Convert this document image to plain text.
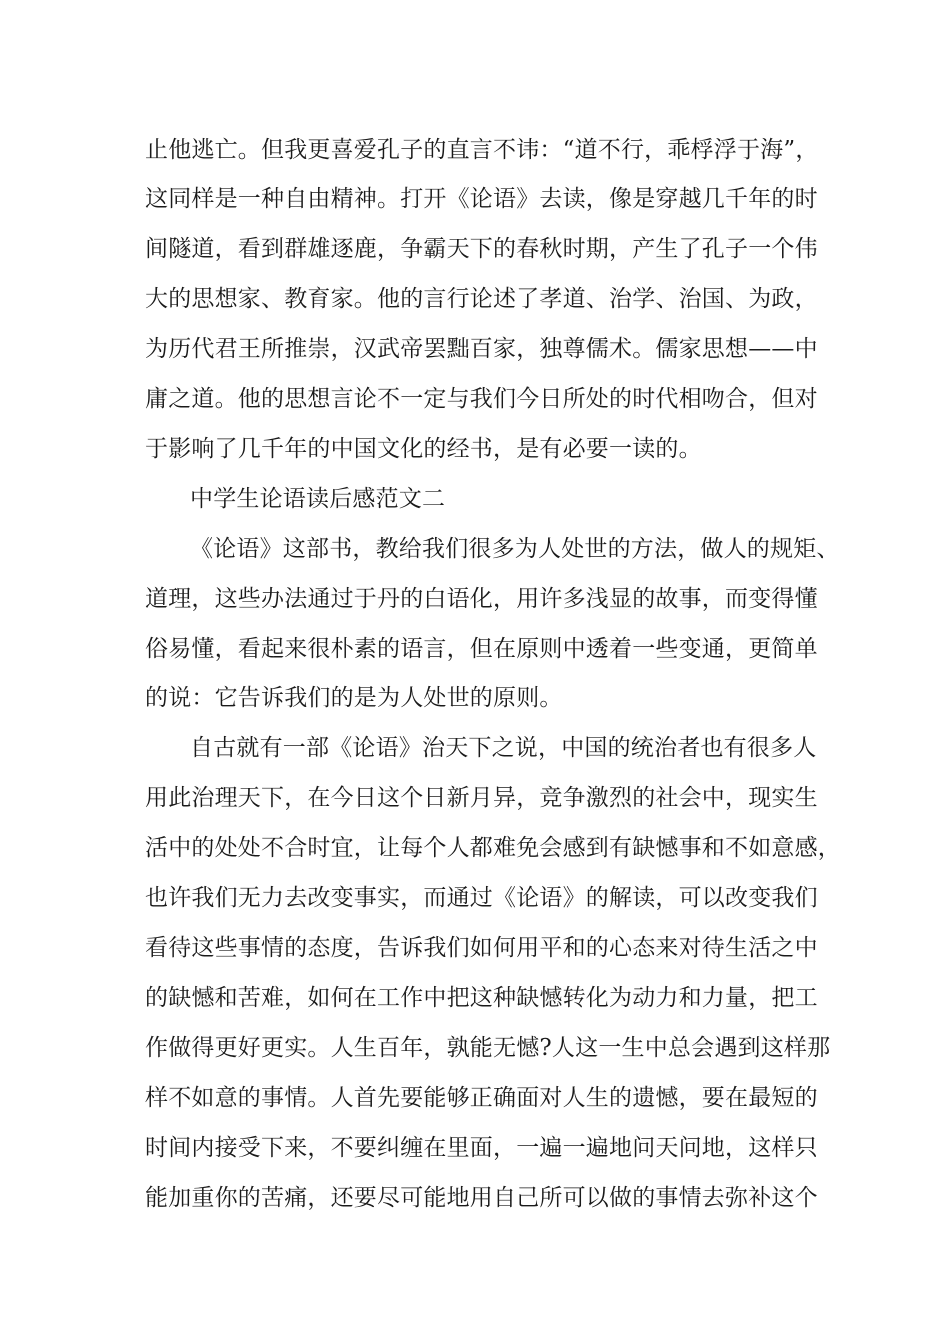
止他逃亡。但我更喜爱孔子的直言不讳：“道不行，乖桴浮于海”，
这同样是一种自由精神。打开《论语》去读，像是穿越几千年的时
间隧道，看到群雄逐鹿，争霸天下的春秋时期，产生了孔子一个伟
大的思想家、教育家。他的言行论述了孝道、治学、治国、为政，
为历代君王所推崇，汉武帝罢黜百家，独尊儒术。儒家思想——中
庸之道。他的思想言论不一定与我们今日所处的时代相吻合，但对
于影响了几千年的中国文化的经书，是有必要一读的。
中学生论语读后感范文二
《论语》这部书，教给我们很多为人处世的方法，做人的规矩、
道理，这些办法通过于丹的白语化，用许多浅显的故事，而变得懂
俗易懂，看起来很朴素的语言，但在原则中透着一些变通，更简单
的说：它告诉我们的是为人处世的原则。
自古就有一部《论语》治天下之说，中国的统治者也有很多人
用此治理天下，在今日这个日新月异，竞争激烈的社会中，现实生
活中的处处不合时宜，让每个人都难免会感到有缺憾事和不如意感，
也许我们无力去改变事实，而通过《论语》的解读，可以改变我们
看待这些事情的态度，告诉我们如何用平和的心态来对待生活之中
的缺憾和苦难，如何在工作中把这种缺憾转化为动力和力量，把工
作做得更好更实。人生百年，孰能无憾?人这一生中总会遇到这样那
样不如意的事情。人首先要能够正确面对人生的遗憾，要在最短的
时间内接受下来，不要纠缠在里面，一遍一遍地问天问地，这样只
能加重你的苦痛，还要尽可能地用自己所可以做的事情去弥补这个
